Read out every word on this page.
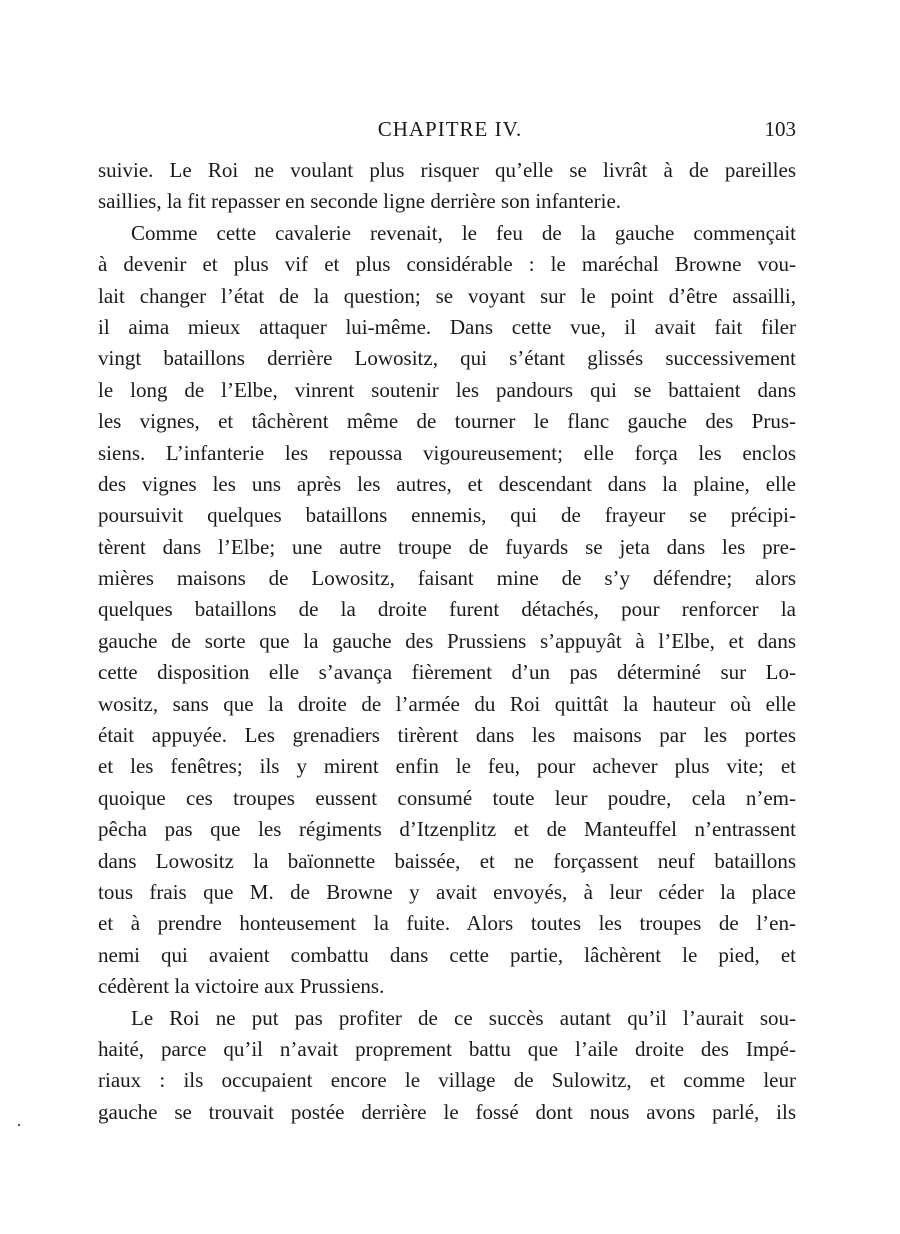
CHAPITRE IV.	103

suivie. Le Roi ne voulant plus risquer qu’elle se livrât à de pareilles
saillies, la fit repasser en seconde ligne derrière son infanterie.

Comme cette cavalerie revenait, le feu de la gauche commençait
à devenir et plus vif et plus considérable : le maréchal Browne vou-
lait changer l’état de la question; se voyant sur le point d’être assailli,
il aima mieux attaquer lui-même. Dans cette vue, il avait fait filer
vingt bataillons derrière Lowositz, qui s’étant glissés successivement
le long de l’Elbe, vinrent soutenir les pandours qui se battaient dans
les vignes, et tâchèrent même de tourner le flanc gauche des Prus-
siens. L’infanterie les repoussa vigoureusement; elle força les enclos
des vignes les uns après les autres, et descendant dans la plaine, elle
poursuivit quelques bataillons ennemis, qui de frayeur se précipi-
tèrent dans l’Elbe; une autre troupe de fuyards se jeta dans les pre-
mières maisons de Lowositz, faisant mine de s’y défendre; alors
quelques bataillons de la droite furent détachés, pour renforcer la
gauche de sorte que la gauche des Prussiens s’appuyât à l’Elbe, et dans
cette disposition elle s’avança fièrement d’un pas déterminé sur Lo-
wositz, sans que la droite de l’armée du Roi quittât la hauteur où elle
était appuyée. Les grenadiers tirèrent dans les maisons par les portes
et les fenêtres; ils y mirent enfin le feu, pour achever plus vite; et
quoique ces troupes eussent consumé toute leur poudre, cela n’em-
pêcha pas que les régiments d’Itzenplitz et de Manteuffel n’entrassent
dans Lowositz la baïonnette baissée, et ne forçassent neuf bataillons
tous frais que M. de Browne y avait envoyés, à leur céder la place
et à prendre honteusement la fuite. Alors toutes les troupes de l’en-
nemi qui avaient combattu dans cette partie, lâchèrent le pied, et
cédèrent la victoire aux Prussiens.

Le Roi ne put pas profiter de ce succès autant qu’il l’aurait sou-
haité, parce qu’il n’avait proprement battu que l’aile droite des Impé-
riaux : ils occupaient encore le village de Sulowitz, et comme leur
gauche se trouvait postée derrière le fossé dont nous avons parlé, ils
